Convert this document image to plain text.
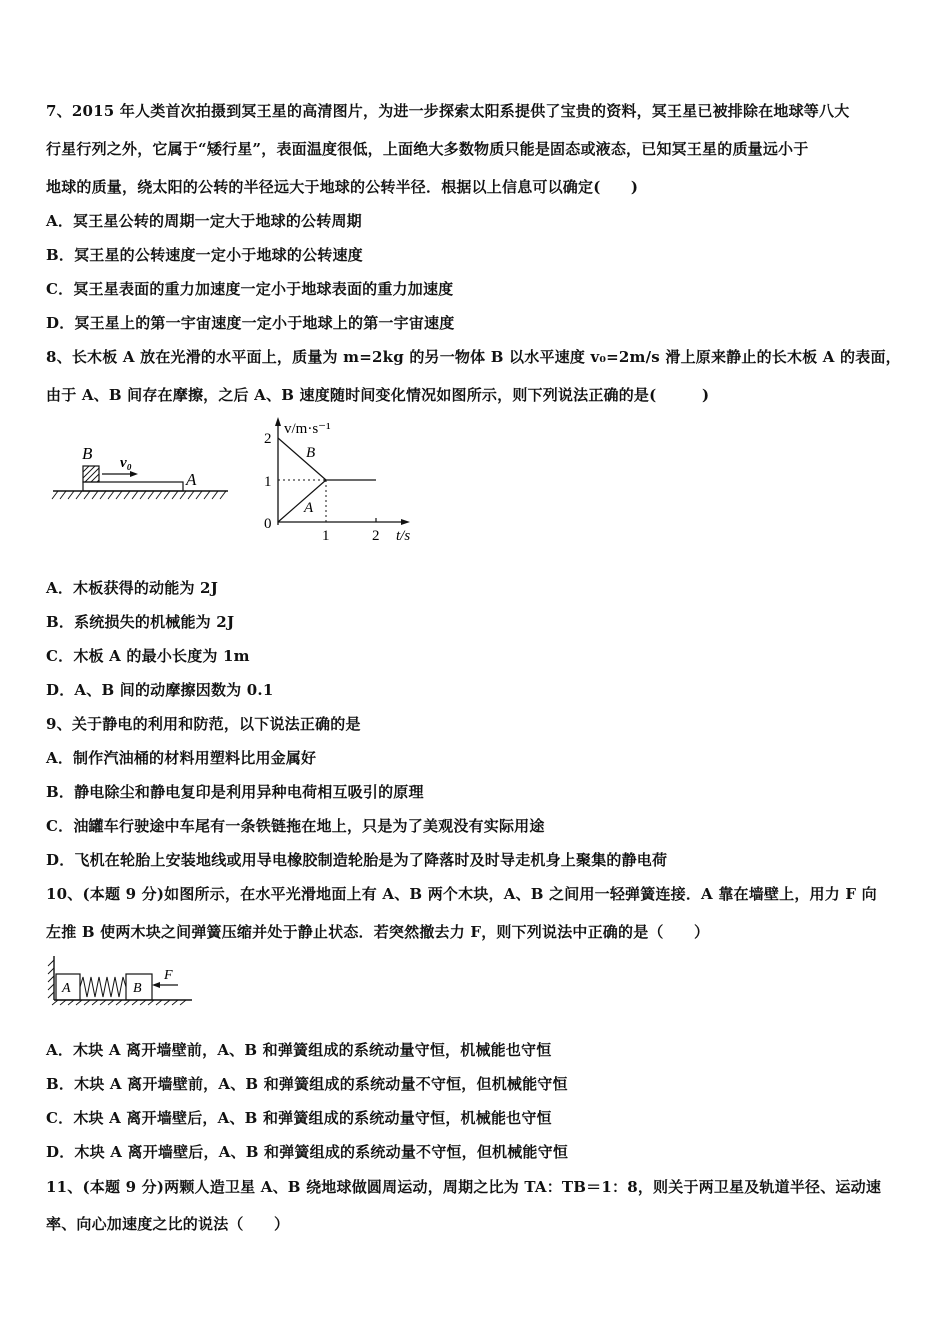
7、2015 年人类首次拍摄到冥王星的高清图片，为进一步探索太阳系提供了宝贵的资料，冥王星已被排除在地球等八大
行星行列之外，它属于“矮行星”，表面温度很低，上面绝大多数物质只能是固态或液态，已知冥王星的质量远小于
地球的质量，绕太阳的公转的半径远大于地球的公转半径．根据以上信息可以确定(　　)
A．冥王星公转的周期一定大于地球的公转周期
B．冥王星的公转速度一定小于地球的公转速度
C．冥王星表面的重力加速度一定小于地球表面的重力加速度
D．冥王星上的第一宇宙速度一定小于地球上的第一宇宙速度
8、长木板 A 放在光滑的水平面上，质量为 m=2kg 的另一物体 B 以水平速度 v₀=2m/s 滑上原来静止的长木板 A 的表面，
由于 A、B 间存在摩擦，之后 A、B 速度随时间变化情况如图所示，则下列说法正确的是(　　　)
B v₀
A
v/m·s⁻¹
2
1
0
B
A
1	2 t/s
A．木板获得的动能为 2J
B．系统损失的机械能为 2J
C．木板 A 的最小长度为 1m
D．A、B 间的动摩擦因数为 0.1
9、关于静电的利用和防范，以下说法正确的是
A．制作汽油桶的材料用塑料比用金属好
B．静电除尘和静电复印是利用异种电荷相互吸引的原理
C．油罐车行驶途中车尾有一条铁链拖在地上，只是为了美观没有实际用途
D．飞机在轮胎上安装地线或用导电橡胶制造轮胎是为了降落时及时导走机身上聚集的静电荷
10、(本题 9 分)如图所示，在水平光滑地面上有 A、B 两个木块，A、B 之间用一轻弹簧连接．A 靠在墙壁上，用力 F 向
左推 B 使两木块之间弹簧压缩并处于静止状态．若突然撤去力 F，则下列说法中正确的是（　　）
A	B
F
A．木块 A 离开墙壁前，A、B 和弹簧组成的系统动量守恒，机械能也守恒
B．木块 A 离开墙壁前，A、B 和弹簧组成的系统动量不守恒，但机械能守恒
C．木块 A 离开墙壁后，A、B 和弹簧组成的系统动量守恒，机械能也守恒
D．木块 A 离开墙壁后，A、B 和弹簧组成的系统动量不守恒，但机械能守恒
11、(本题 9 分)两颗人造卫星 A、B 绕地球做圆周运动，周期之比为 TA：TB＝1：8，则关于两卫星及轨道半径、运动速
率、向心加速度之比的说法（　　）
